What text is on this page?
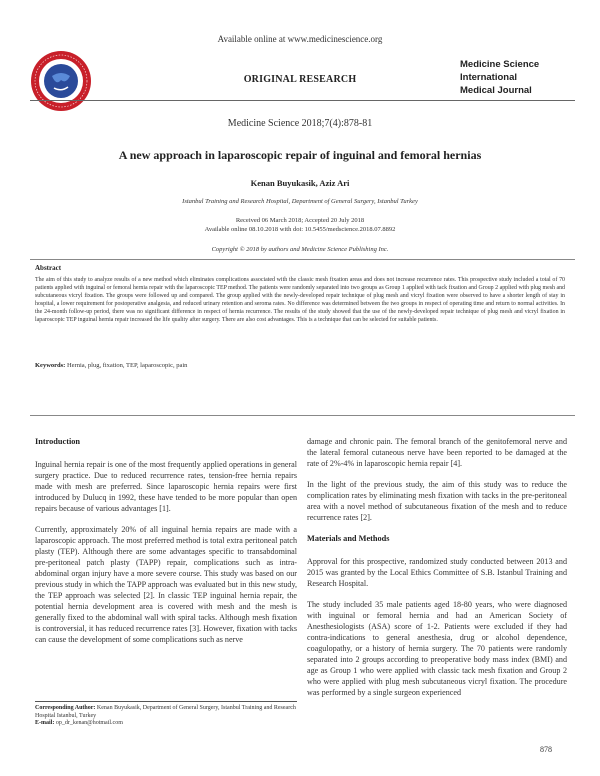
Available online at www.medicinescience.org
ORIGINAL RESEARCH
Medicine Science
International
Medical Journal
Medicine Science 2018;7(4):878-81
A new approach in laparoscopic repair of inguinal and femoral hernias
Kenan Buyukasik, Aziz Ari
Istanbul Training and Research Hospital, Department of General Surgery, Istanbul Turkey
Received 06 March 2018; Accepted 20 July 2018
Available online 08.10.2018 with doi: 10.5455/medscience.2018.07.8892
Copyright © 2018 by authors and Medicine Science Publishing Inc.
Abstract
The aim of this study to analyze results of a new method which eliminates complications associated with the classic mesh fixation areas and does not increase recurrence rates. This prospective study included a total of 70 patients applied with inguinal or femoral hernia repair with the laparoscopic TEP method. The patients were randomly separated into two groups as Group 1 applied with tack fixation and Group 2 applied with plug mesh and subcutaneous vicryl fixation. The groups were followed up and compared. The group applied with the newly-developed repair technique of plug mesh and vicryl fixation were observed to have a shorter length of stay in hospital, a lower requirement for postoperative analgesia, and reduced urinary retention and seroma rates. No difference was determined between the two groups in respect of operating time and return to normal activities. In the 24-month follow-up period, there was no significant difference in respect of hernia recurrence. The results of the study showed that the use of the newly-developed repair technique of plug mesh and vicryl fixation in laparoscopic TEP inguinal hernia repair increased the life quality after surgery. There are also cost advantages. This is a technique that can be selected for suitable patients.
Keywords: Hernia, plug, fixation, TEP, laparoscopic, pain
Introduction

Inguinal hernia repair is one of the most frequently applied operations in general surgery practice. Due to reduced recurrence rates, tension-free hernia repairs made with mesh are preferred. Since laparoscopic hernia repairs were first introduced by Dulucq in 1992, these have tended to be more popular than open repairs because of various advantages [1].

Currently, approximately 20% of all inguinal hernia repairs are made with a laparoscopic approach. The most preferred method is total extra peritoneal patch plasty (TEP). Although there are some advantages specific to transabdominal pre-peritoneal patch plasty (TAPP) repair, complications such as intra-abdominal organ injury have a more severe course. This study was based on our previous study in which the TAPP approach was evaluated but in this new study, the TEP approach was selected [2]. In classic TEP inguinal hernia repair, the potential hernia development area is covered with mesh and the mesh is generally fixed to the abdominal wall with spiral tacks. Although mesh fixation is controversial, it has reduced recurrence rates [3]. However, fixation with tacks can cause the development of some complications such as nerve

damage and chronic pain. The femoral branch of the genitofemoral nerve and the lateral femoral cutaneous nerve have been reported to be damaged at the rate of 2%-4% in laparoscopic hernia repair [4].

In the light of the previous study, the aim of this study was to reduce the complication rates by eliminating mesh fixation with tacks in the pre-peritoneal area with a novel method of subcutaneous fixation of the mesh and to reduce recurrence rates [2].

Materials and Methods

Approval for this prospective, randomized study conducted between 2013 and 2015 was granted by the Local Ethics Committee of S.B. Istanbul Training and Research Hospital.

The study included 35 male patients aged 18-80 years, who were diagnosed with inguinal or femoral hernia and had an American Society of Anesthesiologists (ASA) score of 1-2. Patients were excluded if they had contra-indications to general anesthesia, drug or alcohol dependence, coagulopathy, or a history of hernia surgery. The 70 patients were randomly separated into 2 groups according to preoperative body mass index (BMI) and age as Group 1 who were applied with classic tack mesh fixation and Group 2 who were applied with plug mesh subcutaneous vicryl fixation. The procedure was performed by a single surgeon experienced

Corresponding Author: Kenan Buyukasik, Department of General Surgery, Istanbul Training and Research Hospital Istanbul, Turkey
E-mail: op_dr_kenan@hotmail.com
878
